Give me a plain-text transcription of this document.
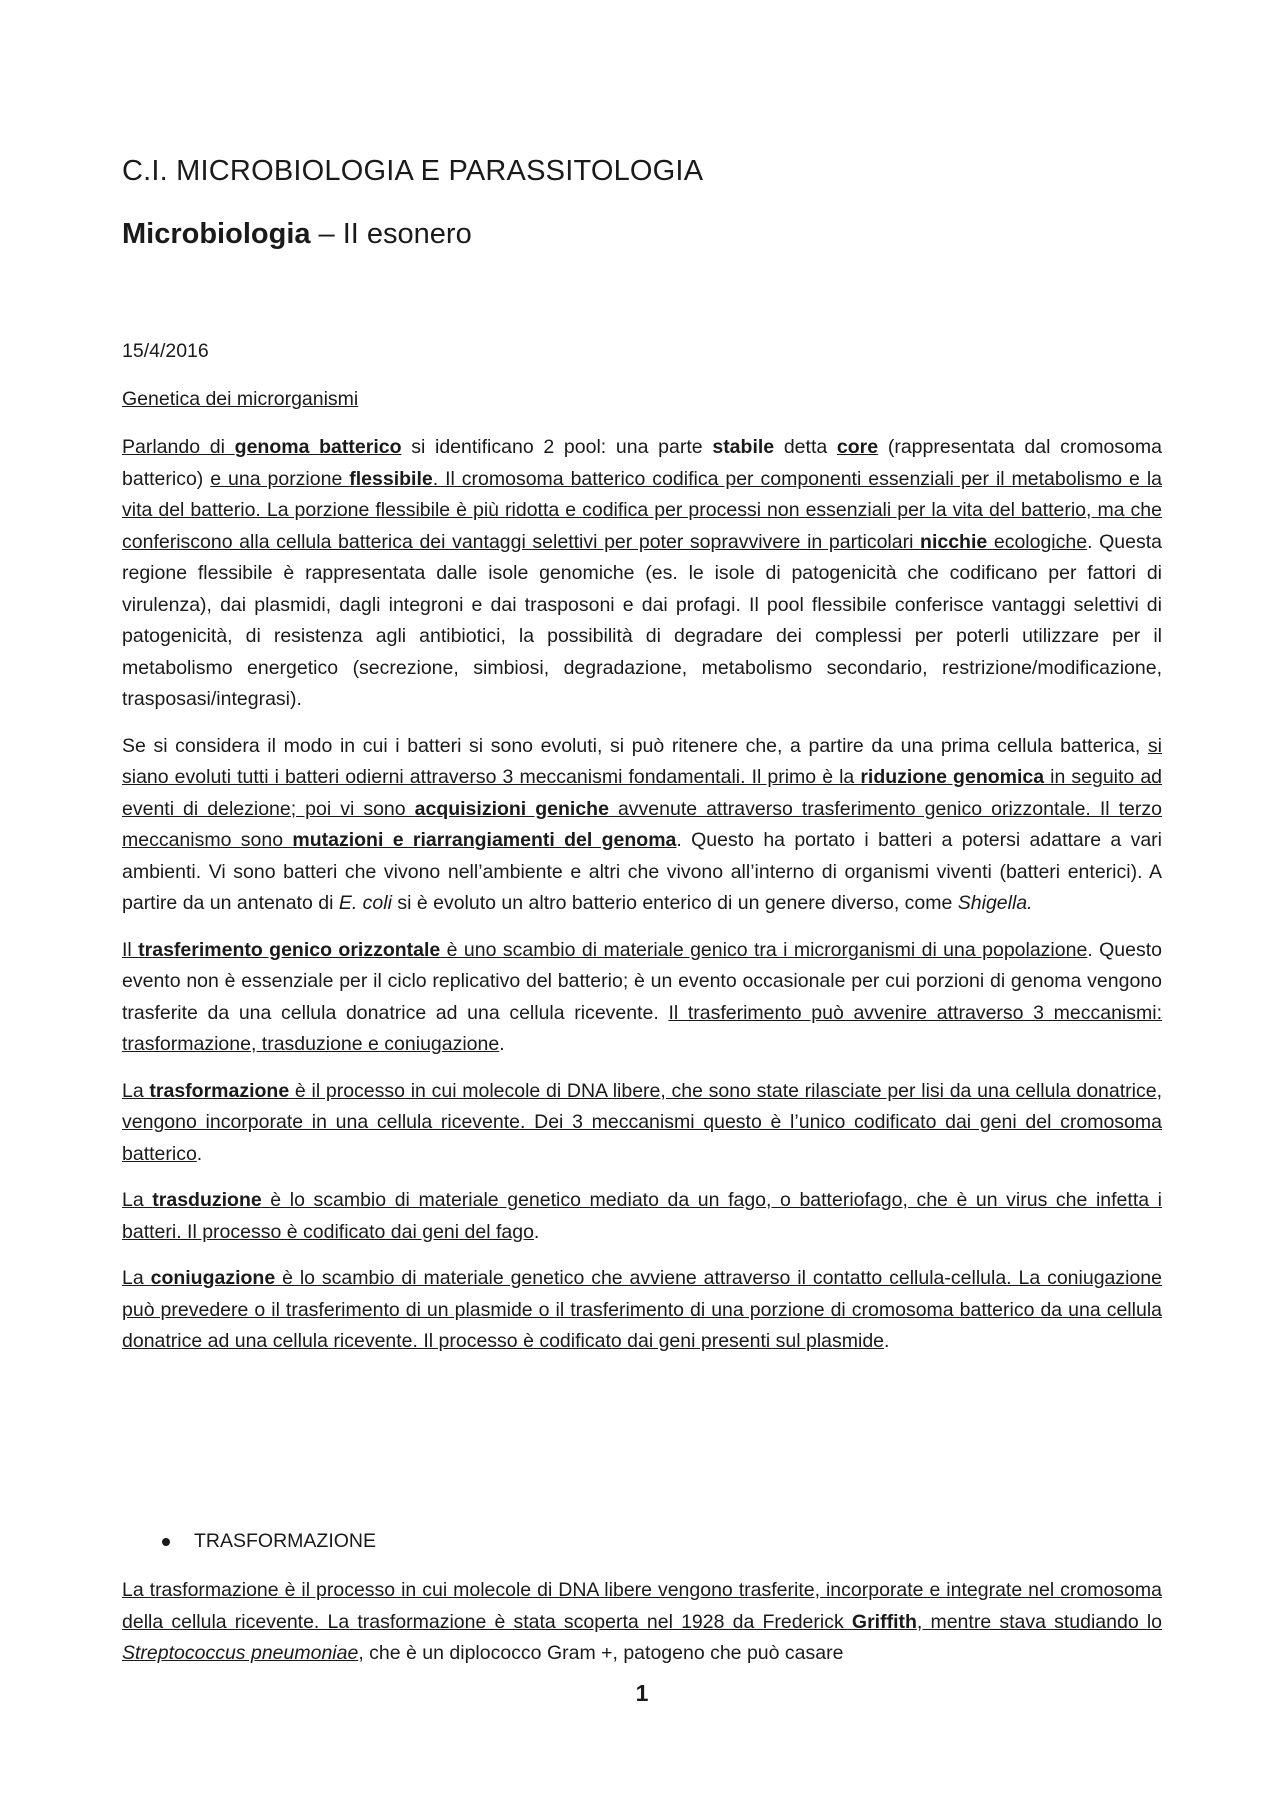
C.I. MICROBIOLOGIA E PARASSITOLOGIA
Microbiologia – II esonero
15/4/2016
Genetica dei microrganismi

Parlando di genoma batterico si identificano 2 pool: una parte stabile detta core (rappresentata dal cromosoma batterico) e una porzione flessibile. Il cromosoma batterico codifica per componenti essenziali per il metabolismo e la vita del batterio. La porzione flessibile è più ridotta e codifica per processi non essenziali per la vita del batterio, ma che conferiscono alla cellula batterica dei vantaggi selettivi per poter sopravvivere in particolari nicchie ecologiche. Questa regione flessibile è rappresentata dalle isole genomiche (es. le isole di patogenicità che codificano per fattori di virulenza), dai plasmidi, dagli integroni e dai trasposoni e dai profagi. Il pool flessibile conferisce vantaggi selettivi di patogenicità, di resistenza agli antibiotici, la possibilità di degradare dei complessi per poterli utilizzare per il metabolismo energetico (secrezione, simbiosi, degradazione, metabolismo secondario, restrizione/modificazione, trasposasi/integrasi).

Se si considera il modo in cui i batteri si sono evoluti, si può ritenere che, a partire da una prima cellula batterica, si siano evoluti tutti i batteri odierni attraverso 3 meccanismi fondamentali. Il primo è la riduzione genomica in seguito ad eventi di delezione; poi vi sono acquisizioni geniche avvenute attraverso trasferimento genico orizzontale. Il terzo meccanismo sono mutazioni e riarrangiamenti del genoma. Questo ha portato i batteri a potersi adattare a vari ambienti. Vi sono batteri che vivono nell’ambiente e altri che vivono all’interno di organismi viventi (batteri enterici). A partire da un antenato di E. coli si è evoluto un altro batterio enterico di un genere diverso, come Shigella.

Il trasferimento genico orizzontale è uno scambio di materiale genico tra i microrganismi di una popolazione. Questo evento non è essenziale per il ciclo replicativo del batterio; è un evento occasionale per cui porzioni di genoma vengono trasferite da una cellula donatrice ad una cellula ricevente. Il trasferimento può avvenire attraverso 3 meccanismi: trasformazione, trasduzione e coniugazione.

La trasformazione è il processo in cui molecole di DNA libere, che sono state rilasciate per lisi da una cellula donatrice, vengono incorporate in una cellula ricevente. Dei 3 meccanismi questo è l’unico codificato dai geni del cromosoma batterico.

La trasduzione è lo scambio di materiale genetico mediato da un fago, o batteriofago, che è un virus che infetta i batteri. Il processo è codificato dai geni del fago.

La coniugazione è lo scambio di materiale genetico che avviene attraverso il contatto cellula-cellula. La coniugazione può prevedere o il trasferimento di un plasmide o il trasferimento di una porzione di cromosoma batterico da una cellula donatrice ad una cellula ricevente. Il processo è codificato dai geni presenti sul plasmide.

TRASFORMAZIONE

La trasformazione è il processo in cui molecole di DNA libere vengono trasferite, incorporate e integrate nel cromosoma della cellula ricevente. La trasformazione è stata scoperta nel 1928 da Frederick Griffith, mentre stava studiando lo Streptococcus pneumoniae, che è un diplococco Gram +, patogeno che può casare

1
